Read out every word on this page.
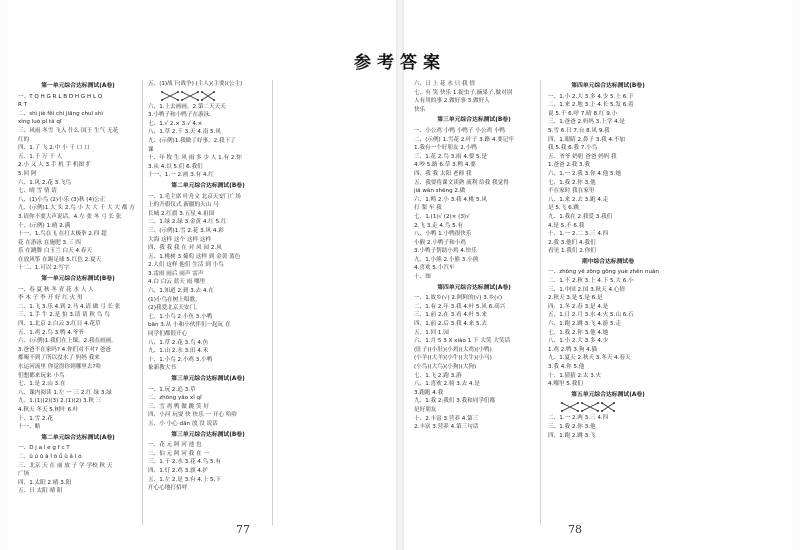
参考答案
第一单元综合达标测试(A卷)
一、T Q H G R L B D H G H L Q
R T
二、shì jiè fěi chí jiāng chuī shì
xìng luò pǐ tā qī
三、风雨 冬雪 飞入 什么 国王 生气 无花
红的
四、1.了 飞 2.中 小 千 口 口
五、1.千 万 千 人
2.小 又 人 3.手 机 手 机图 扩
5.回 阿
六、1.风 2.花 3.飞鸟
七、晴 雪 情 请
八、(1)小鸟 (2)小乐 (3)秋 (4)公正
九、(示例)1.大 头 2.鸟 小 大 大 千 大 大 都 方
3.请你不要大声说话。4.左 张 冬 弓 长 张
十、(示例) 1.晴 2.满
十一、1.鸟在飞 在打太极拳 2.四 超
花 在游泳 在施肥 3.三 四
乐 在跳舞 白玉兰 白天 4.春天
在放风筝 在踢足球 5.红色 2.夏天
十二、1.可以 2.写字
第一单元综合达标测试(B卷)
一、春 夏 秋 冬 青 花 水 人 人
李 木 子 李 开 好 红 火 男
二、1.飞 3.乐 4.到 2.马 4.请 做 弓 长 张
三、1.手 牛 2.是 怕 3.请 请 秋 鸟 鸟
四、1.北京 2.白云 3.红日 4.花草
五、1.鸡 2.鸟 3.鸭 4.爷爷
六、(示例)1.我们在上课。2.我在画画。
3.爸爸不在家吗? 4.你们对不对? 爸爸
都喝不到了所以没水了 妈妈 我来
水运河流里 你觉得你到哪里去?哈
们想都来玩来 小鸟
七、1.是 2.山 3.在
八、课内阅读 1.左 一 三 2.红 绿 3.绿
九、1.(1)(2)(3) 2.(1)(2) 3.秋 三
4.秋天 冬天 5.树叶 6.叶
十、1.雪 2.花
十一、略
第二单元综合达标测试(A卷)
一、D j a l e g f c T
二、ǔ ú ǔ ǎ ǐ ǒ ǚ ǜ ǎ ǐ ǒ
三、北京 天 在 丽 放 子 学 学校 秋 天
广场
四、1.太阳 2.晴 3.阳
五、日 太阳 晴 阳
五、(1)战下(战争) (主人)(主要)(公主)
六、1.上去画画。2.第二天天天
3.小鸭子和小鸭子在游泳。
七、1.√ 2.× 3.√ 4.×
八、1.草 2.千 3.天 4.南 5.风
九、(示例)1.我做了好事。2.我下了
课
十、年 牧 生 风 雨 多 少 人 1.有 2.你
3.从 4.以 5.们 6.我们
十一、1.一 2.画 3.有 4.红
第二单元综合达标测试(B卷)
一、1.毛主席 叶舟文 北京天安门广场
上的升旗仪式 新疆的天山 马
长城 2.红旗 3.五星 4.祖国
二、1.绿 2.绿 3.金黄 4.红 5.红
三、(示例)1.雪 2.花 3.风 4.彩
大海 这样 这个 这样 这样
四、我 我 我 在 对 风 园 2.风
五、1.桃树 3.葡萄 这样 到 金黄 蓝色
2.人们 这样 他们 生活 到 小鸟
3.雷雨 雨后 雨声 雷声
4.白 白云 蓝天 雨 哪里
六、1.知道 2.到 3.去 4.在
(1)小鸟在树上唱歌。
(2)我爱北京天安门。
七、1.小鸟 2.小鱼 3.小鸭
bān 3.从 小和小伙伴们一起玩 在
同学们都很开心
八、1.草 2.花 3.鸟 4.鱼
九、1.山 2.水 3.田 4.禾
十、1.小鸟 2.小鸡 3.小鸭
象新教大书
第三单元综合达标测试(A卷)
一、1.玩 2.追 3.草
二、zhōng yǎo xǐ qǐ
三、雪 鸡 鸭 做 跳 笑 好
四、小河 玩耍 快 快乐 一 开心 哈哈
五、小 小心 dān 放 没 说话
第三单元综合达标测试(B卷)
一、花 元 阿 河 池 也
二、伯 元 阿 河 我 在 一
三、1.千 2.水 3.花 4.鸟 5.有
四、1.灯 2.鸡 3.旗 4.扩
五、1.左 2.是 3.有 4.上 5.下
开心心地打招呼
六、日 上 花 水 只 我 情
七、有 笑 快乐 1.捉虫子,摘果子,做对别
人有用的事 2.做好事 3.做好人
快乐
第三单元综合达标测试(B卷)
一、小公鸡 小鸭 小鸭子 小公鸡 小鸭
二、(示例) 1.雪花 2.叶子 3.路 4.要记牢
1.我有一个好朋友 2.小鸭
三、1.花 2.鸟 3.雨 4.要 5.是
4.吵 5.路 6.草 3.鸭 4.要
四、我 我 太阳 老师 我
五、我要将课文读熟 流利 给我 我觉得
jiā wǎn shēng 2.做
六、1.鸭 2.小 3.我 4.桃 5.风
打 梨 车 我
七、1.(1)√ (2)× (3)√
2.飞 3.走 4.鸟 5.有
八、小鸭 1.小鸭很快乐
小猴 2.小鸭子和小鸡
3.小鸭子帮助小鸡 4.快乐
九、1.小熊 2.小熊 3.小熊
4.喜欢 5.小汽车
十、图
第四单元综合达标测试(A卷)
一、1.故乡(√) 2.阿阿的(√) 3.乡(√)
二、1.有 2.年 3.我 4.叶 5.风 6.高兴
三、1.前 2.在 3.看 4.叶 5.来
四、1.前 2.后 3.我 4.来 5.去
五、1.回 1.园
六、1.月 5 3 X xiào 1 下 大笑 大笑话
(肚子)(小肚)(小鸡)(大鸡)(小鸭)
(小羊)(大羊)(小牛)(大牛)(小马)
(小鸟)(大鸟)(小狗)(大狗)
七、1.飞 2.跑 3.游
八、1.喜欢 2.骑 3.去 4.是
3.跑跑 4.我
九、1.我 2.我们 3.我和同学们都
是好朋友
十、2.丰富 3.营养 4.第三
2.丰富 3.营养 4.第三句话
第四单元综合达标测试(B卷)
一、1.小 2.大 3.多 4.少 5.上 6.下
二、1.来 2.地 3.上 4.长 5.发 6.着
说 5.千 6.呼 7.晴 8.红 9.小
三、1.爸爸 2.妈妈 3.上学 4.是
5.雪 6.日 7.台 8.风 9.我
四、1.眼睛 2.鼻子 3.我 4.不加
我 5.我 6.我 7.小鸟
五、爷爷 奶奶 爸爸 妈妈 我
1.爸爸 2.我 3.我
六、1.一 2.我 3.你 4.他 5.她
七、1.我 2.你 3.他
不在家时 我在家里
八、1.来 2.去 3.跑 4.走
是 5.飞 6.跳
九、1.我在 2.我爱 3.我们
4.是 5.不 6.我
十、1.一 2.二 3.三 4.四
2.我 3.他们 4.我们
看见 1.我们 2.你们
期中综合达标测试卷
一、zhōng yě zōng gōng yuè zhěn nuǎn
二、1.不 2.秋 3.上 4.下 5.大 6.小
三、1.中国 2.国 3.秋天 4.心情
2.秋天 3.是 5.是 6.是
四、1.冬 2.春 3.是 4.是
五、1.日 2.月 3.水 4.火 5.山 6.石
六、1.跑 2.跳 3.飞 4.游 5.走
七、1.我 2.你 3.他 4.她
八、1.小 2.大 3.多 4.少
1.鸡 2.鸭 3.狗 4.猫
九、1.夏天 2.秋天 3.冬天 4.春天
3.我 4.你 5.他
十、1.猜猜 2.太 3.火
4.哪里 5.我们
第五单元综合达标测试(A卷)
二、1.一 2.两 3.三 4.四
三、1.我 2.你 3.他
四、1.跑 2.跳 3.飞
77	78
